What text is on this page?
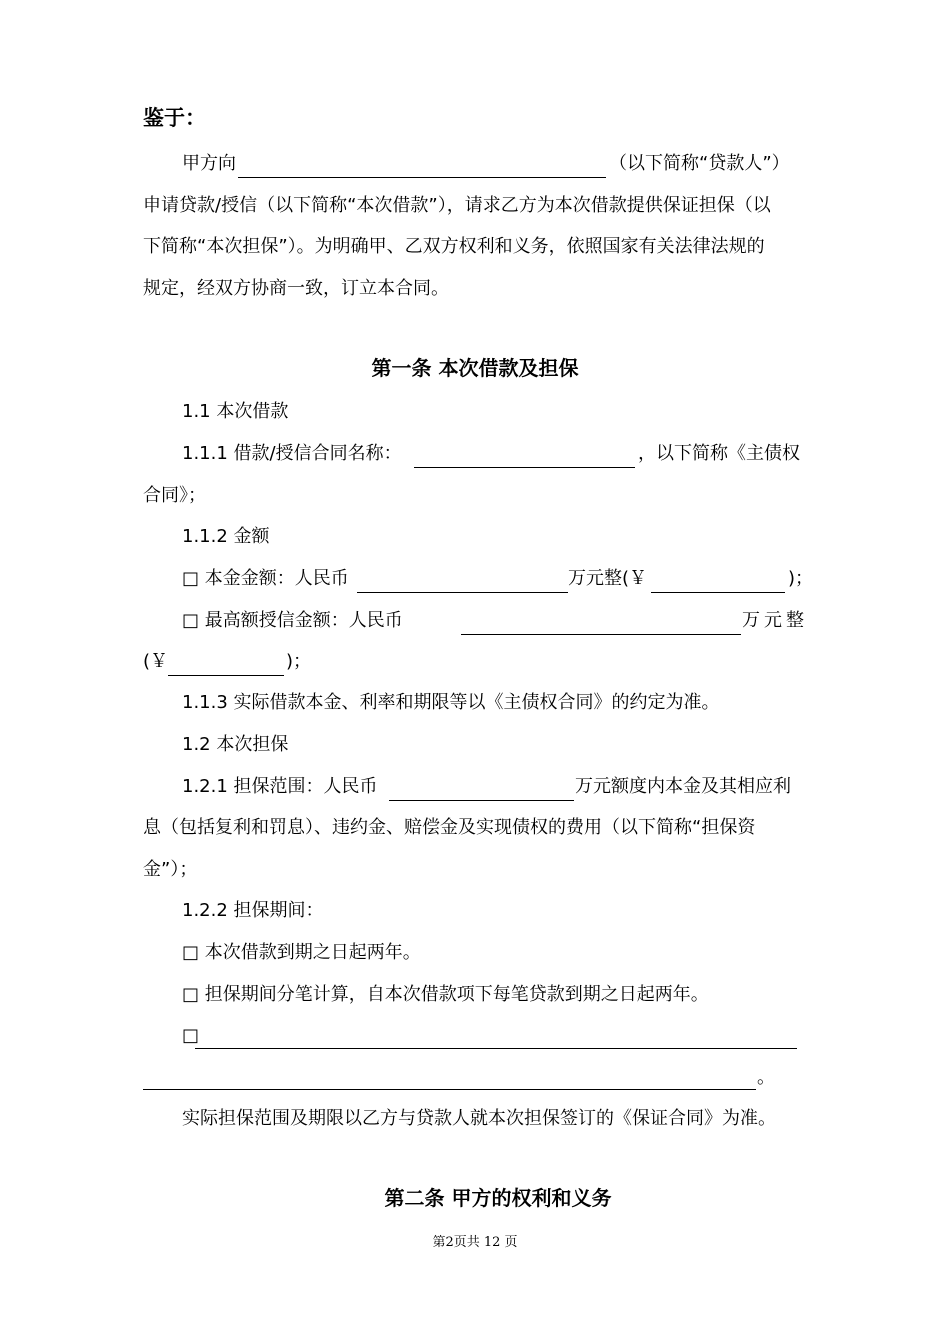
鉴于：
甲方向	（以下简称“贷款人”）
申请贷款/授信（以下简称“本次借款”），请求乙方为本次借款提供保证担保（以
下简称“本次担保”）。为明确甲、乙双方权利和义务，依照国家有关法律法规的
规定，经双方协商一致，订立本合同。
第一条 本次借款及担保
1.1 本次借款
1.1.1 借款/授信合同名称：	，以下简称《主债权
合同》；
1.1.2 金额
□ 本金金额：人民币	万元整(￥	)；
□ 最高额授信金额：人民币	万元整
(￥	)；
1.1.3 实际借款本金、利率和期限等以《主债权合同》的约定为准。
1.2 本次担保
1.2.1 担保范围：人民币	万元额度内本金及其相应利
息（包括复利和罚息）、违约金、赔偿金及实现债权的费用（以下简称“担保资
金”）；
1.2.2 担保期间：
□ 本次借款到期之日起两年。
□ 担保期间分笔计算，自本次借款项下每笔贷款到期之日起两年。
□
。
实际担保范围及期限以乙方与贷款人就本次担保签订的《保证合同》为准。
第二条 甲方的权利和义务
第2页共 12 页
